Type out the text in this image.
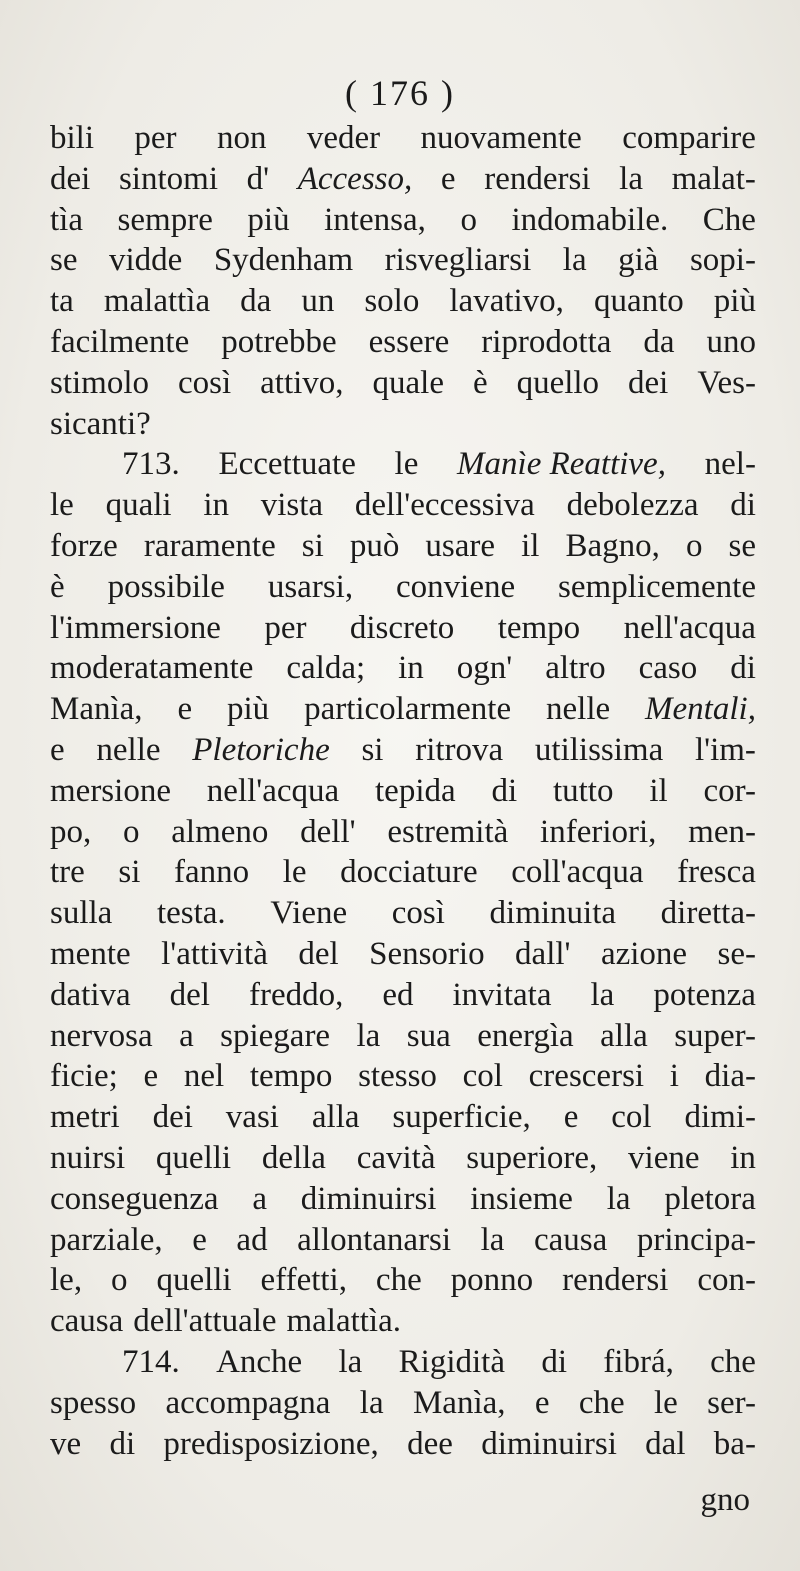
( 176 )
bili per non veder nuovamente comparire
dei sintomi d' Accesso, e rendersi la malat-
tìa sempre più intensa, o indomabile. Che
se vidde Sydenham risvegliarsi la già sopi-
ta malattìa da un solo lavativo, quanto più
facilmente potrebbe essere riprodotta da uno
stimolo così attivo, quale è quello dei Ves-
sicanti?
713. Eccettuate le Manìe Reattive, nel-
le quali in vista dell'eccessiva debolezza di
forze raramente si può usare il Bagno, o se
è possibile usarsi, conviene semplicemente
l'immersione per discreto tempo nell'acqua
moderatamente calda; in ogn' altro caso di
Manìa, e più particolarmente nelle Mentali,
e nelle Pletoriche si ritrova utilissima l'im-
mersione nell'acqua tepida di tutto il cor-
po, o almeno dell' estremità inferiori, men-
tre si fanno le docciature coll'acqua fresca
sulla testa. Viene così diminuita diretta-
mente l'attività del Sensorio dall' azione se-
dativa del freddo, ed invitata la potenza
nervosa a spiegare la sua energìa alla super-
ficie; e nel tempo stesso col crescersi i dia-
metri dei vasi alla superficie, e col dimi-
nuirsi quelli della cavità superiore, viene in
conseguenza a diminuirsi insieme la pletora
parziale, e ad allontanarsi la causa principa-
le, o quelli effetti, che ponno rendersi con-
causa dell'attuale malattìa.
714. Anche la Rigidità di fibrá, che
spesso accompagna la Manìa, e che le ser-
ve di predisposizione, dee diminuirsi dal ba-
gno
